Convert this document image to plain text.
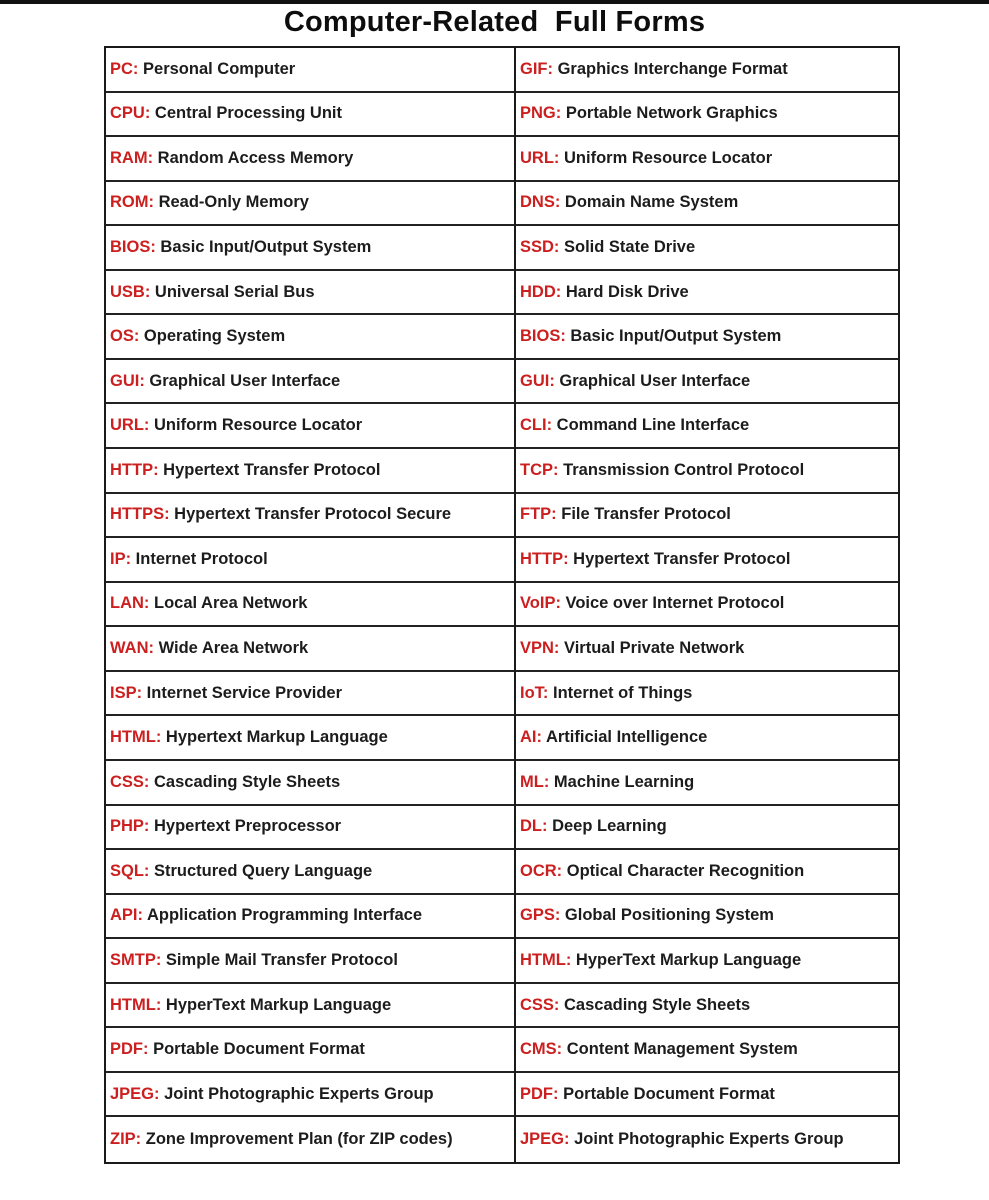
Computer-Related  Full Forms
PC: Personal Computer
CPU: Central Processing Unit
RAM: Random Access Memory
ROM: Read-Only Memory
BIOS: Basic Input/Output System
USB: Universal Serial Bus
OS: Operating System
GUI: Graphical User Interface
URL: Uniform Resource Locator
HTTP: Hypertext Transfer Protocol
HTTPS: Hypertext Transfer Protocol Secure
IP: Internet Protocol
LAN: Local Area Network
WAN: Wide Area Network
ISP: Internet Service Provider
HTML: Hypertext Markup Language
CSS: Cascading Style Sheets
PHP: Hypertext Preprocessor
SQL: Structured Query Language
API: Application Programming Interface
SMTP: Simple Mail Transfer Protocol
HTML: HyperText Markup Language
PDF: Portable Document Format
JPEG: Joint Photographic Experts Group
ZIP: Zone Improvement Plan (for ZIP codes)
GIF: Graphics Interchange Format
PNG: Portable Network Graphics
URL: Uniform Resource Locator
DNS: Domain Name System
SSD: Solid State Drive
HDD: Hard Disk Drive
BIOS: Basic Input/Output System
GUI: Graphical User Interface
CLI: Command Line Interface
TCP: Transmission Control Protocol
FTP: File Transfer Protocol
HTTP: Hypertext Transfer Protocol
VoIP: Voice over Internet Protocol
VPN: Virtual Private Network
IoT: Internet of Things
AI: Artificial Intelligence
ML: Machine Learning
DL: Deep Learning
OCR: Optical Character Recognition
GPS: Global Positioning System
HTML: HyperText Markup Language
CSS: Cascading Style Sheets
CMS: Content Management System
PDF: Portable Document Format
JPEG: Joint Photographic Experts Group
